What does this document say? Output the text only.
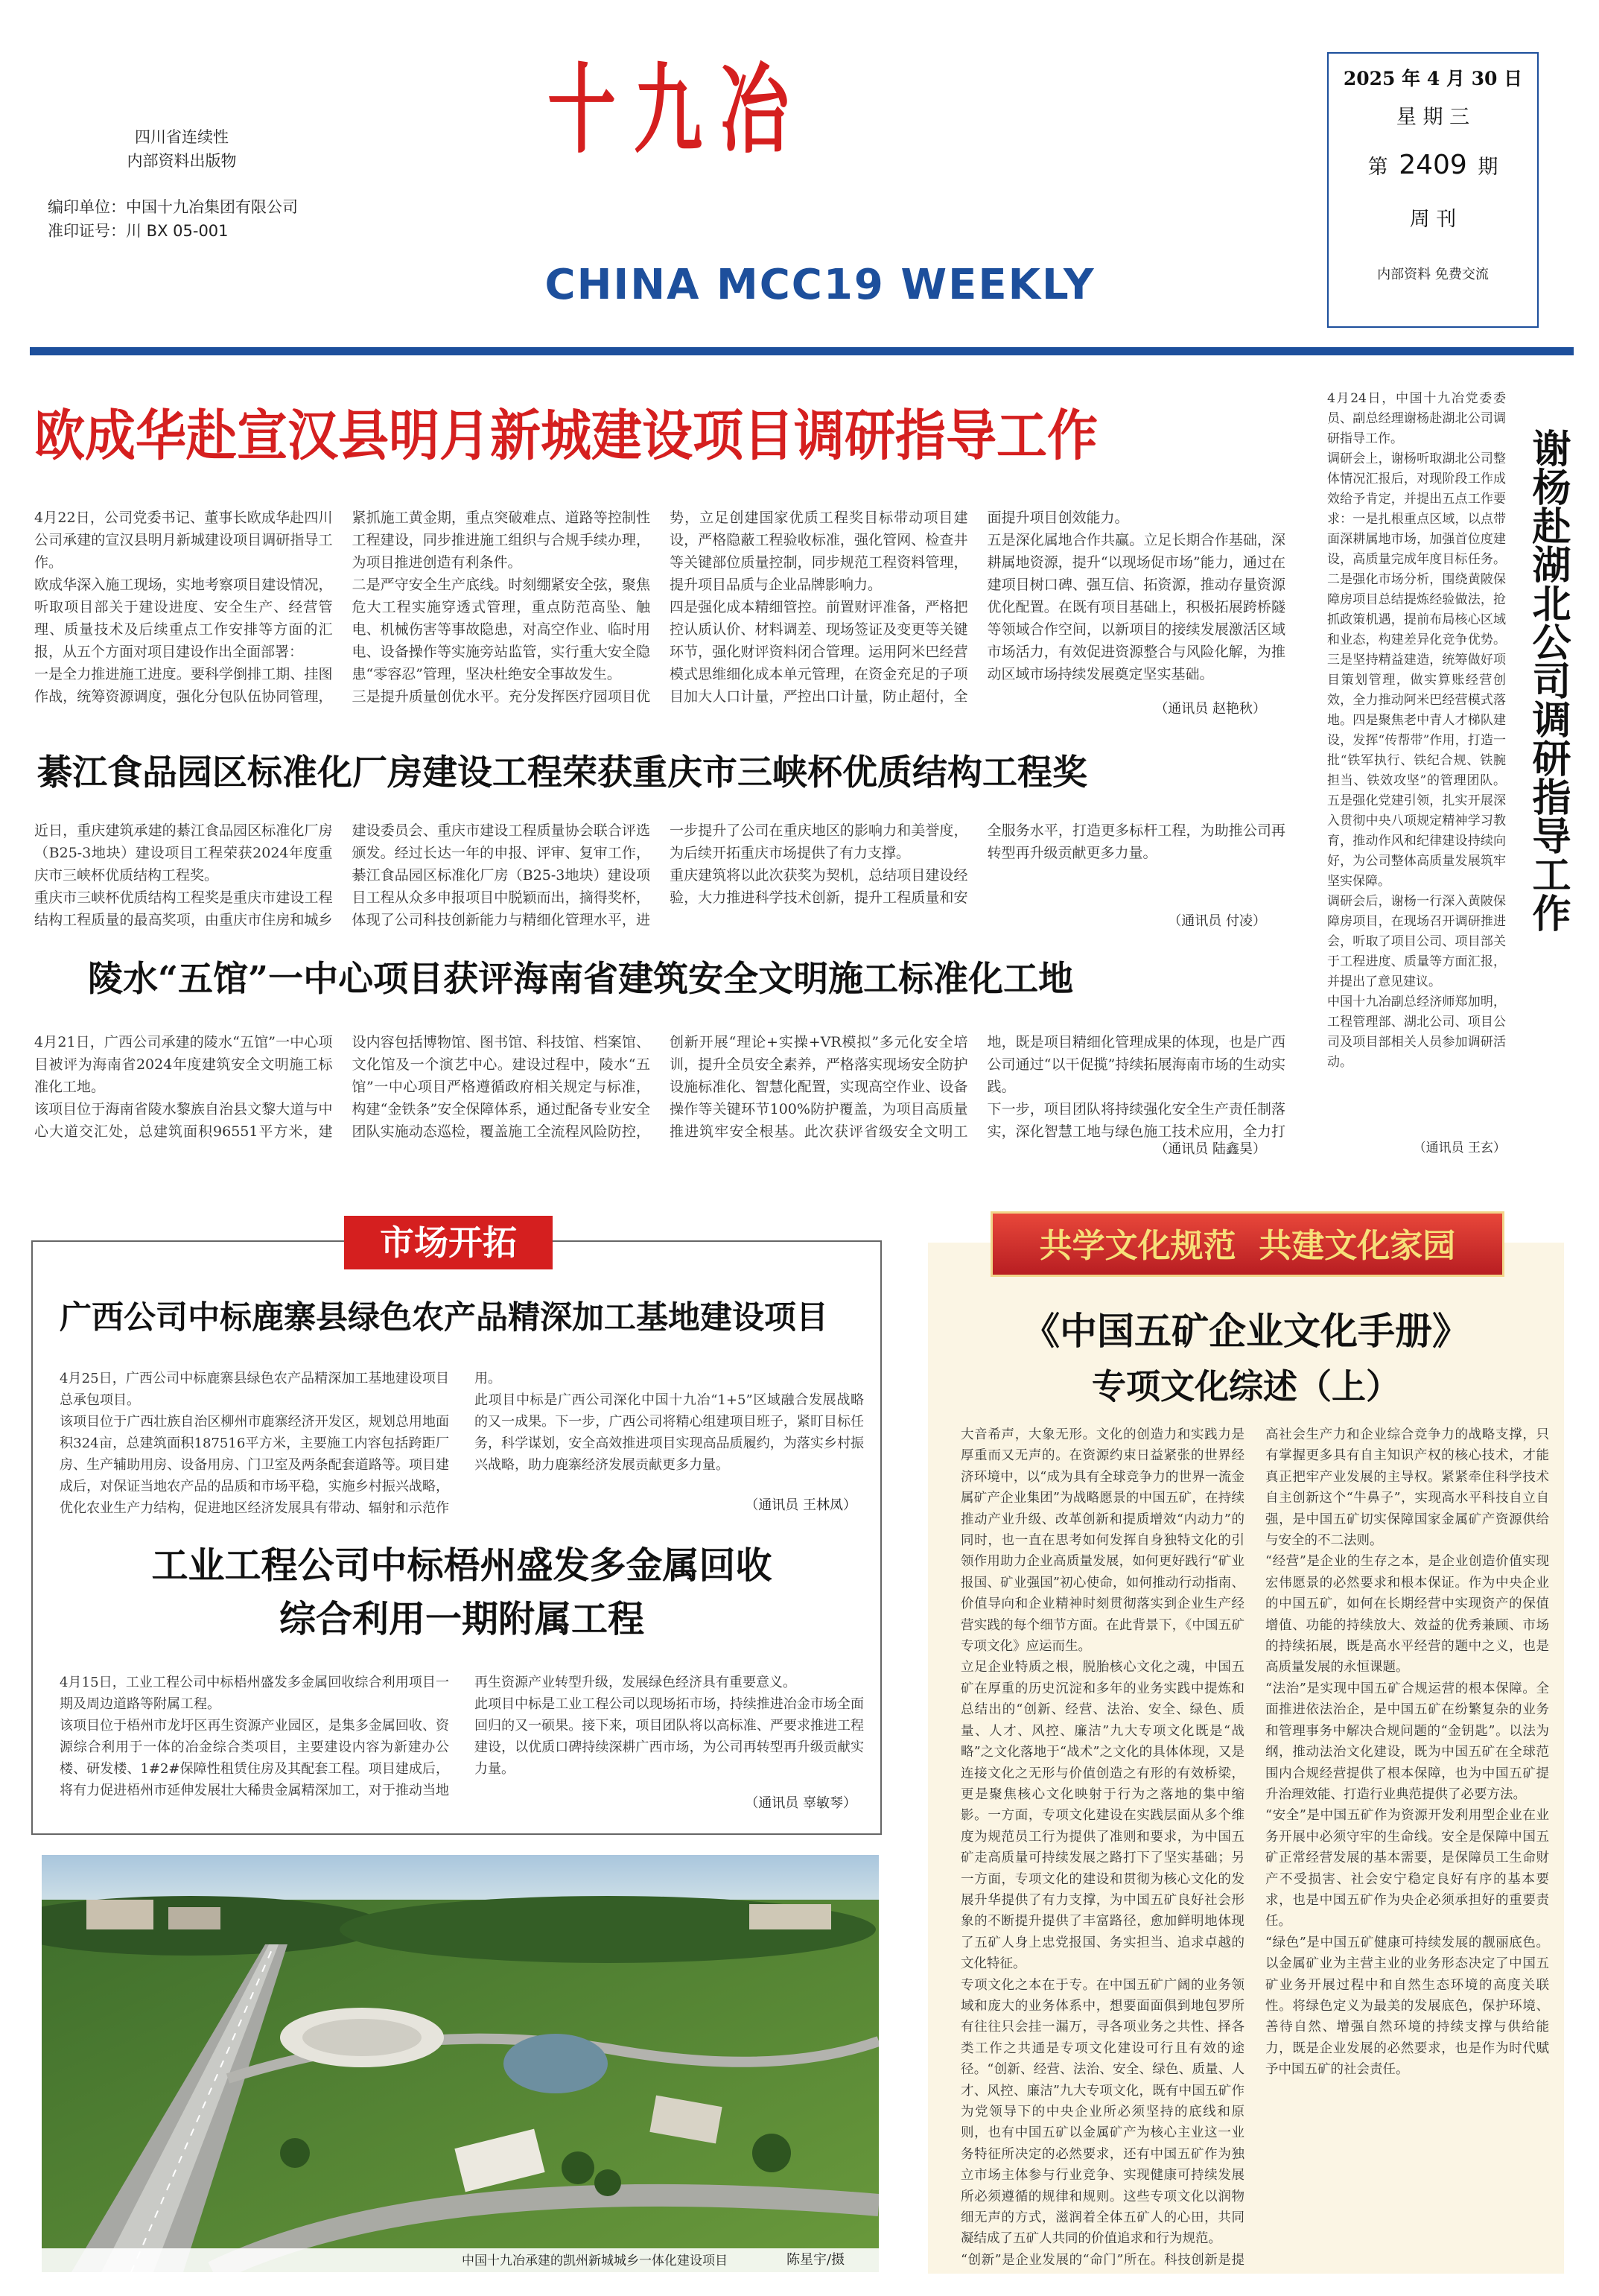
四川省连续性
内部资料出版物
编印单位：中国十九冶集团有限公司
准印证号：川 BX 05-001
十九冶
CHINA MCC19 WEEKLY
2025 年 4 月 30 日
星 期 三
第 2409 期
周 刊
内部资料 免费交流
欧成华赴宣汉县明月新城建设项目调研指导工作
4月22日，公司党委书记、董事长欧成华赴四川公司承建的宣汉县明月新城建设项目调研指导工作。
欧成华深入施工现场，实地考察项目建设情况，听取项目部关于建设进度、安全生产、经营管理、质量技术及后续重点工作安排等方面的汇报，从五个方面对项目建设作出全面部署：
一是全力推进施工进度。要科学倒排工期、挂图作战，统筹资源调度，强化分包队伍协同管理，紧抓施工黄金期，重点突破难点、道路等控制性工程建设，同步推进施工组织与合规手续办理，为项目推进创造有利条件。
二是严守安全生产底线。时刻绷紧安全弦，聚焦危大工程实施穿透式管理，重点防范高坠、触电、机械伤害等事故隐患，对高空作业、临时用电、设备操作等实施旁站监管，实行重大安全隐患“零容忍”管理，坚决杜绝安全事故发生。
三是提升质量创优水平。充分发挥医疗园项目优势，立足创建国家优质工程奖目标带动项目建设，严格隐蔽工程验收标准，强化管网、检查井等关键部位质量控制，同步规范工程资料管理，提升项目品质与企业品牌影响力。
四是强化成本精细管控。前置财评准备，严格把控认质认价、材料调差、现场签证及变更等关键环节，强化财评资料闭合管理。运用阿米巴经营模式思维细化成本单元管理，在资金充足的子项目加大人口计量，严控出口计量，防止超付，全面提升项目创效能力。
五是深化属地合作共赢。立足长期合作基础，深耕属地资源，提升“以现场促市场”能力，通过在建项目树口碑、强互信、拓资源，推动存量资源优化配置。在既有项目基础上，积极拓展跨桥隧等领域合作空间，以新项目的接续发展激活区域市场活力，有效促进资源整合与风险化解，为推动区域市场持续发展奠定坚实基础。

（通讯员 赵艳秋）
綦江食品园区标准化厂房建设工程荣获重庆市三峡杯优质结构工程奖
近日，重庆建筑承建的綦江食品园区标准化厂房（B25-3地块）建设项目工程荣获2024年度重庆市三峡杯优质结构工程奖。
重庆市三峡杯优质结构工程奖是重庆市建设工程结构工程质量的最高奖项，由重庆市住房和城乡建设委员会、重庆市建设工程质量协会联合评选颁发。经过长达一年的申报、评审、复审工作，綦江食品园区标准化厂房（B25-3地块）建设项目工程从众多申报项目中脱颖而出，摘得奖杯，体现了公司科技创新能力与精细化管理水平，进一步提升了公司在重庆地区的影响力和美誉度，为后续开拓重庆市场提供了有力支撑。
重庆建筑将以此次获奖为契机，总结项目建设经验，大力推进科学技术创新，提升工程质量和安全服务水平，打造更多标杆工程，为助推公司再转型再升级贡献更多力量。
（通讯员 付凌）
陵水“五馆”一中心项目获评海南省建筑安全文明施工标准化工地
4月21日，广西公司承建的陵水“五馆”一中心项目被评为海南省2024年度建筑安全文明施工标准化工地。
该项目位于海南省陵水黎族自治县文黎大道与中心大道交汇处，总建筑面积96551平方米，建设内容包括博物馆、图书馆、科技馆、档案馆、文化馆及一个演艺中心。建设过程中，陵水“五馆”一中心项目严格遵循政府相关规定与标准，构建“金铁条”安全保障体系，通过配备专业安全团队实施动态巡检，覆盖施工全流程风险防控，创新开展“理论+实操+VR模拟”多元化安全培训，提升全员安全素养，严格落实现场安全防护设施标准化、智慧化配置，实现高空作业、设备操作等关键环节100%防护覆盖，为项目高质量推进筑牢安全根基。此次获评省级安全文明工地，既是项目精细化管理成果的体现，也是广西公司通过“以干促揽”持续拓展海南市场的生动实践。
下一步，项目团队将持续强化安全生产责任制落实，深化智慧工地与绿色施工技术应用，全力打
（通讯员 陆鑫昊）
4月24日，中国十九冶党委委员、副总经理谢杨赴湖北公司调研指导工作。
调研会上，谢杨听取湖北公司整体情况汇报后，对现阶段工作成效给予肯定，并提出五点工作要求：一是扎根重点区域，以点带面深耕属地市场，加强首位度建设，高质量完成年度目标任务。二是强化市场分析，围绕黄陂保障房项目总结提炼经验做法，抢抓政策机遇，提前布局核心区域和业态，构建差异化竞争优势。三是坚持精益建造，统筹做好项目策划管理，做实算账经营创效，全力推动阿米巴经营模式落地。四是聚焦老中青人才梯队建设，发挥“传帮带”作用，打造一批“铁军执行、铁纪合规、铁腕担当、铁效攻坚”的管理团队。五是强化党建引领，扎实开展深入贯彻中央八项规定精神学习教育，推动作风和纪律建设持续向好，为公司整体高质量发展筑牢坚实保障。
调研会后，谢杨一行深入黄陂保障房项目，在现场召开调研推进会，听取了项目公司、项目部关于工程进度、质量等方面汇报，并提出了意见建议。
中国十九冶副总经济师郑加明，工程管理部、湖北公司、项目公司及项目部相关人员参加调研活动。
（通讯员 王玄）
谢杨赴湖北公司调研指导工作
市场开拓
广西公司中标鹿寨县绿色农产品精深加工基地建设项目
4月25日，广西公司中标鹿寨县绿色农产品精深加工基地建设项目总承包项目。
该项目位于广西壮族自治区柳州市鹿寨经济开发区，规划总用地面积324亩，总建筑面积187516平方米，主要施工内容包括跨距厂房、生产辅助用房、设备用房、门卫室及两条配套道路等。项目建成后，对保证当地农产品的品质和市场平稳，实施乡村振兴战略，优化农业生产力结构，促进地区经济发展具有带动、辐射和示范作用。
此项目中标是广西公司深化中国十九冶“1+5”区域融合发展战略的又一成果。下一步，广西公司将精心组建项目班子，紧盯目标任务，科学谋划，安全高效推进项目实现高品质履约，为落实乡村振兴战略，助力鹿寨经济发展贡献更多力量。
（通讯员 王林凤）
工业工程公司中标梧州盛发多金属回收
综合利用一期附属工程
4月15日，工业工程公司中标梧州盛发多金属回收综合利用项目一期及周边道路等附属工程。
该项目位于梧州市龙圩区再生资源产业园区，是集多金属回收、资源综合利用于一体的冶金综合类项目，主要建设内容为新建办公楼、研发楼、1#2#保障性租赁住房及其配套工程。项目建成后，将有力促进梧州市延伸发展壮大稀贵金属精深加工，对于推动当地再生资源产业转型升级，发展绿色经济具有重要意义。
此项目中标是工业工程公司以现场拓市场，持续推进冶金市场全面回归的又一硕果。接下来，项目团队将以高标准、严要求推进工程建设，以优质口碑持续深耕广西市场，为公司再转型再升级贡献实力量。
（通讯员 辜敏琴）
中国十九冶承建的凯州新城城乡一体化建设项目	陈星宇/摄
共学文化规范  共建文化家园
《中国五矿企业文化手册》
专项文化综述（上）
大音希声，大象无形。文化的创造力和实践力是厚重而又无声的。在资源约束日益紧张的世界经济环境中，以“成为具有全球竞争力的世界一流金属矿产企业集团”为战略愿景的中国五矿，在持续推动产业升级、改革创新和提质增效“内动力”的同时，也一直在思考如何发挥自身独特文化的引领作用助力企业高质量发展，如何更好践行“矿业报国、矿业强国”初心使命，如何推动行动指南、价值导向和企业精神时刻贯彻落实到企业生产经营实践的每个细节方面。在此背景下，《中国五矿专项文化》应运而生。
立足企业特质之根，脱胎核心文化之魂，中国五矿在厚重的历史沉淀和多年的业务实践中提炼和总结出的“创新、经营、法治、安全、绿色、质量、人才、风控、廉洁”九大专项文化既是“战略”之文化落地于“战术”之文化的具体体现，又是连接文化之无形与价值创造之有形的有效桥梁，更是聚焦核心文化映射于行为之落地的集中缩影。一方面，专项文化建设在实践层面从多个维度为规范员工行为提供了准则和要求，为中国五矿走高质量可持续发展之路打下了坚实基础；另一方面，专项文化的建设和贯彻为核心文化的发展升华提供了有力支撑，为中国五矿良好社会形象的不断提升提供了丰富路径，愈加鲜明地体现了五矿人身上忠党报国、务实担当、追求卓越的文化特征。
专项文化之本在于专。在中国五矿广阔的业务领域和庞大的业务体系中，想要面面俱到地包罗所有往往只会挂一漏万，寻各项业务之共性、择各类工作之共通是专项文化建设可行且有效的途径。“创新、经营、法治、安全、绿色、质量、人才、风控、廉洁”九大专项文化，既有中国五矿作为党领导下的中央企业所必须坚持的底线和原则，也有中国五矿以金属矿产为核心主业这一业务特征所决定的必然要求，还有中国五矿作为独立市场主体参与行业竞争、实现健康可持续发展所必须遵循的规律和规则。这些专项文化以润物细无声的方式，滋润着全体五矿人的心田，共同凝结成了五矿人共同的价值追求和行为规范。
“创新”是企业发展的“命门”所在。科技创新是提高社会生产力和企业综合竞争力的战略支撑，只有掌握更多具有自主知识产权的核心技术，才能真正把牢产业发展的主导权。紧紧牵住科学技术自主创新这个“牛鼻子”，实现高水平科技自立自强，是中国五矿切实保障国家金属矿产资源供给与安全的不二法则。
“经营”是企业的生存之本，是企业创造价值实现宏伟愿景的必然要求和根本保证。作为中央企业的中国五矿，如何在长期经营中实现资产的保值增值、功能的持续放大、效益的优秀兼顾、市场的持续拓展，既是高水平经营的题中之义，也是高质量发展的永恒课题。
“法治”是实现中国五矿合规运营的根本保障。全面推进依法治企，是中国五矿在纷繁复杂的业务和管理事务中解决合规问题的“金钥匙”。以法为纲，推动法治文化建设，既为中国五矿在全球范围内合规经营提供了根本保障，也为中国五矿提升治理效能、打造行业典范提供了必要方法。
“安全”是中国五矿作为资源开发利用型企业在业务开展中必须守牢的生命线。安全是保障中国五矿正常经营发展的基本需要，是保障员工生命财产不受损害、社会安宁稳定良好有序的基本要求，也是中国五矿作为央企必须承担好的重要责任。
“绿色”是中国五矿健康可持续发展的靓丽底色。以金属矿业为主营主业的业务形态决定了中国五矿业务开展过程中和自然生态环境的高度关联性。将绿色定义为最美的发展底色，保护环境、善待自然、增强自然环境的持续支撑与供给能力，既是企业发展的必然要求，也是作为时代赋予中国五矿的社会责任。
